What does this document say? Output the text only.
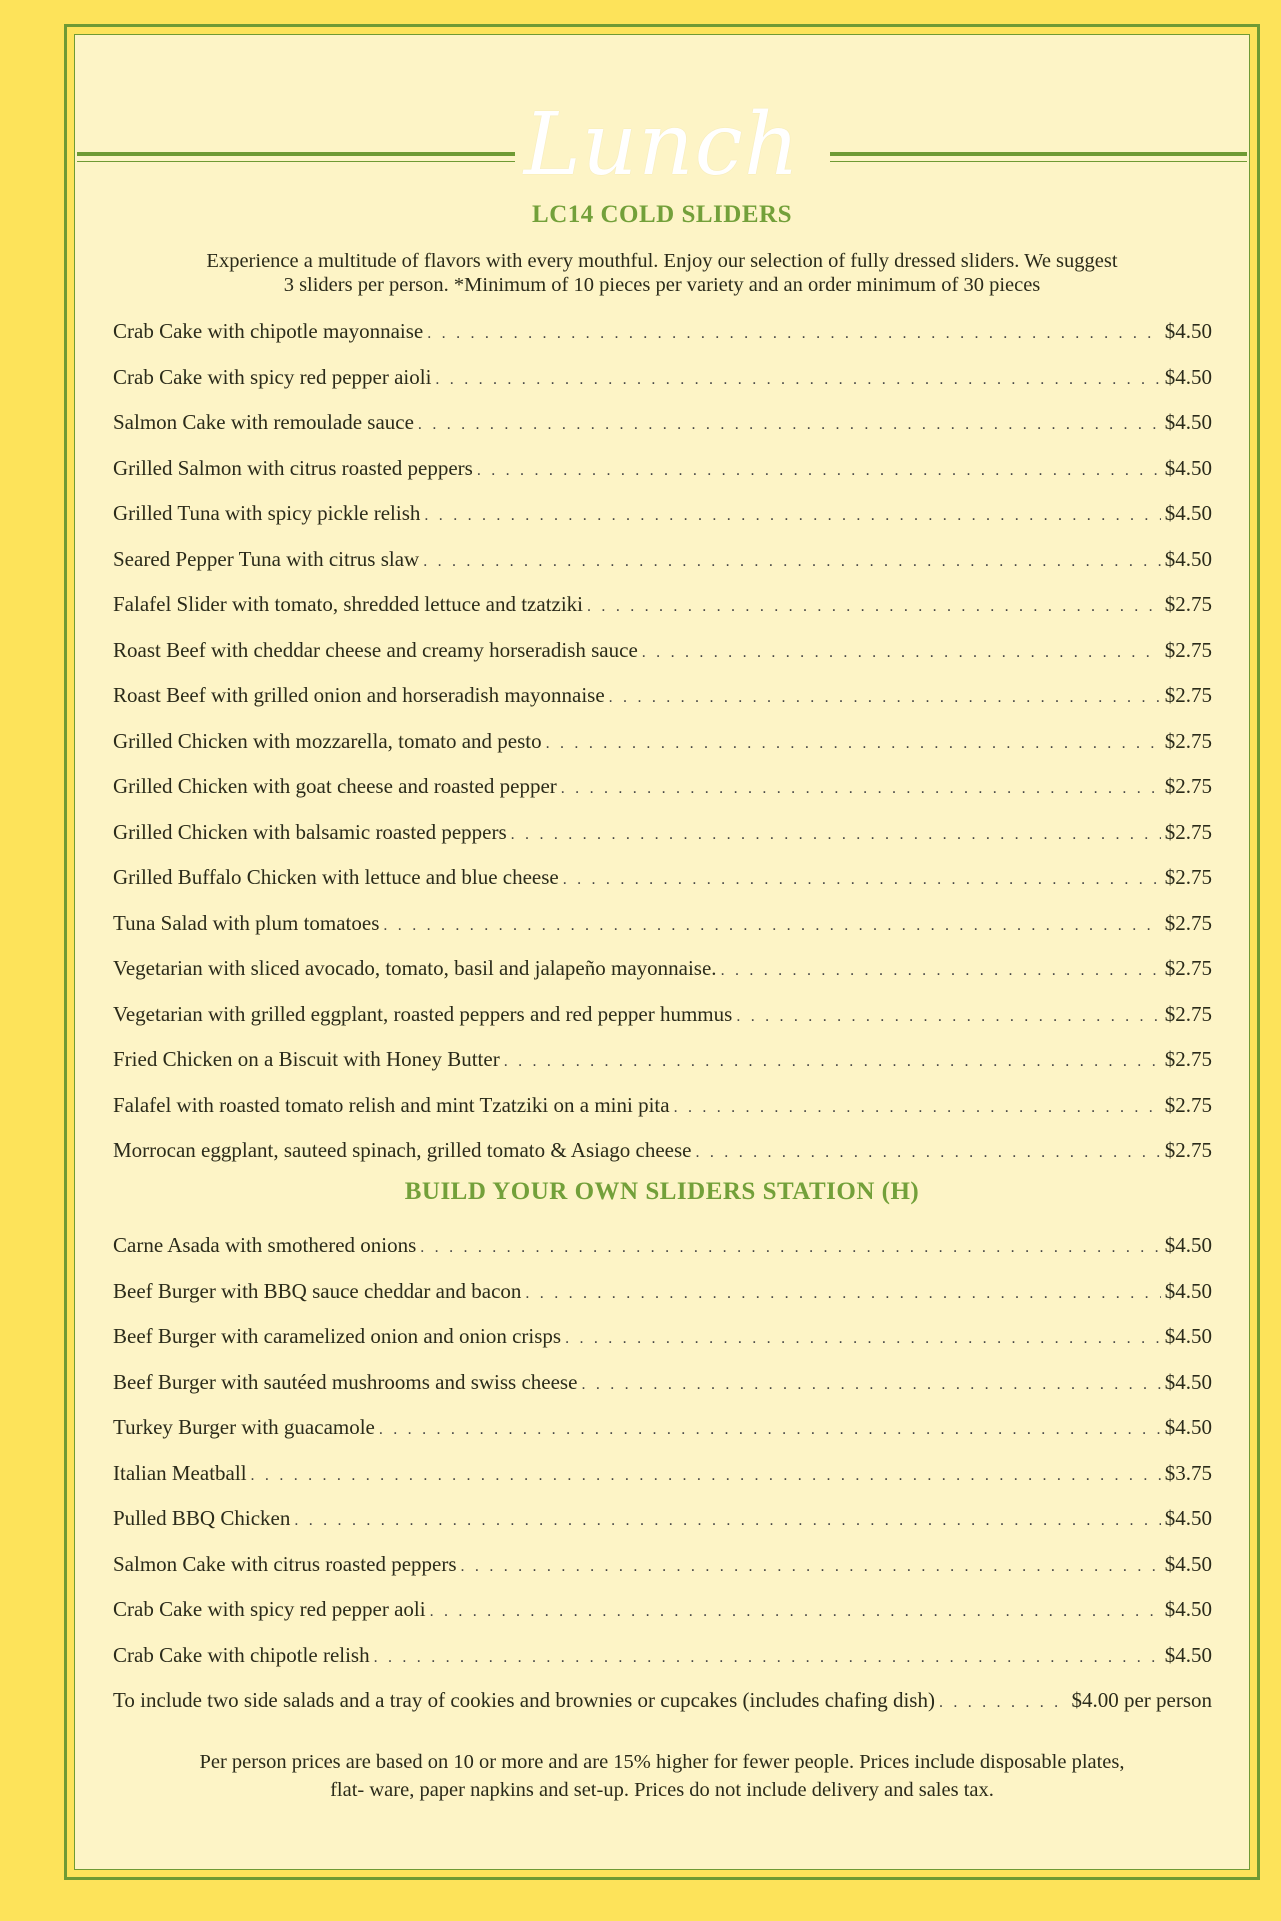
Lunch
LC14 COLD SLIDERS
Experience a multitude of flavors with every mouthful. Enjoy our selection of fully dressed sliders. We suggest
3 sliders per person. *Minimum of 10 pieces per variety and an order minimum of 30 pieces
Crab Cake with chipotle mayonnaise . . .	$4.50
Crab Cake with spicy red pepper aioli . . .	$4.50
Salmon Cake with remoulade sauce . . .	$4.50
Grilled Salmon with citrus roasted peppers . . .	$4.50
Grilled Tuna with spicy pickle relish . . .	$4.50
Seared Pepper Tuna with citrus slaw . . .	$4.50
Falafel Slider with tomato, shredded lettuce and tzatziki . . .	$2.75
Roast Beef with cheddar cheese and creamy horseradish sauce . . .	$2.75
Roast Beef with grilled onion and horseradish mayonnaise . . .	$2.75
Grilled Chicken with mozzarella, tomato and pesto . . .	$2.75
Grilled Chicken with goat cheese and roasted pepper . . .	$2.75
Grilled Chicken with balsamic roasted peppers . . .	$2.75
Grilled Buffalo Chicken with lettuce and blue cheese . . .	$2.75
Tuna Salad with plum tomatoes . . .	$2.75
Vegetarian with sliced avocado, tomato, basil and jalapeño mayonnaise. . . .	$2.75
Vegetarian with grilled eggplant, roasted peppers and red pepper hummus . . .	$2.75
Fried Chicken on a Biscuit with Honey Butter . . .	$2.75
Falafel with roasted tomato relish and mint Tzatziki on a mini pita . . .	$2.75
Morrocan eggplant, sauteed spinach, grilled tomato & Asiago cheese . . .	$2.75
BUILD YOUR OWN SLIDERS STATION (H)
Carne Asada with smothered onions . . .	$4.50
Beef Burger with BBQ sauce cheddar and bacon . . .	$4.50
Beef Burger with caramelized onion and onion crisps . . .	$4.50
Beef Burger with sautéed mushrooms and swiss cheese . . .	$4.50
Turkey Burger with guacamole . . .	$4.50
Italian Meatball . . .	$3.75
Pulled BBQ Chicken . . .	$4.50
Salmon Cake with citrus roasted peppers . . .	$4.50
Crab Cake with spicy red pepper aoli . . .	$4.50
Crab Cake with chipotle relish . . .	$4.50
To include two side salads and a tray of cookies and brownies or cupcakes (includes chafing dish) . . .	$4.00 per person
Per person prices are based on 10 or more and are 15% higher for fewer people. Prices include disposable plates,
flat- ware, paper napkins and set-up. Prices do not include delivery and sales tax.
